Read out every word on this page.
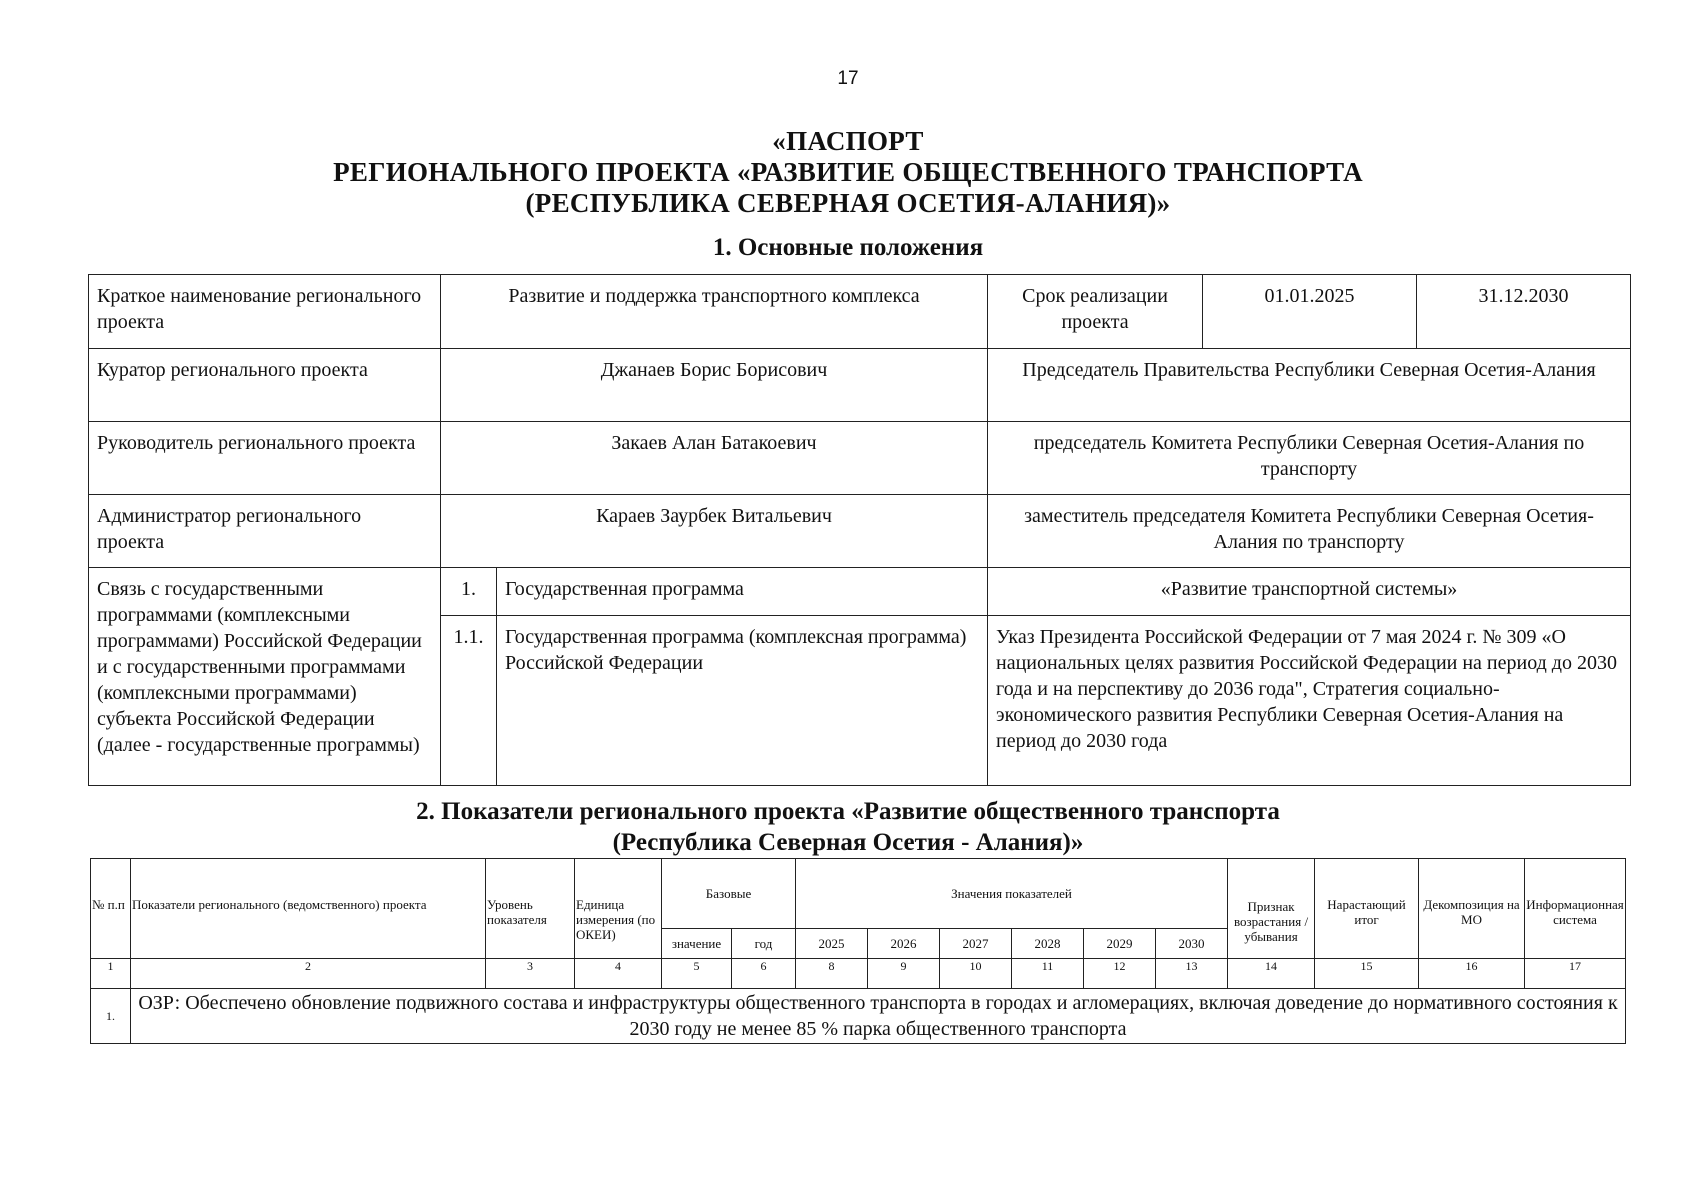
17
«ПАСПОРТ
РЕГИОНАЛЬНОГО ПРОЕКТА «РАЗВИТИЕ ОБЩЕСТВЕННОГО ТРАНСПОРТА
(РЕСПУБЛИКА СЕВЕРНАЯ ОСЕТИЯ-АЛАНИЯ)»
1. Основные положения
Краткое наименование регионального проекта	Развитие и поддержка транспортного комплекса		Срок реализации проекта	01.01.2025	31.12.2030
Куратор регионального проекта	Джанаев Борис Борисович		Председатель Правительства Республики Северная Осетия-Алания		
Руководитель регионального проекта	Закаев Алан Батакоевич		председатель Комитета Республики Северная Осетия-Алания по транспорту		
Администратор регионального проекта	Караев Заурбек Витальевич		заместитель председателя Комитета Республики Северная Осетия-Алания по транспорту		
Связь с государственными программами (комплексными программами) Российской Федерации и с государственными программами (комплексными программами) субъекта Российской Федерации (далее - государственные программы)	1.	Государственная программа	«Развитие транспортной системы»		
	1.1.	Государственная программа (комплексная программа) Российской Федерации	Указ Президента Российской Федерации от 7 мая 2024 г. № 309 «О национальных целях развития Российской Федерации на период до 2030 года и на перспективу до 2036 года", Стратегия социально-экономического развития Республики Северная Осетия-Алания на период до 2030 года		
2. Показатели регионального проекта «Развитие общественного транспорта
(Республика Северная Осетия - Алания)»
№ п.п	Показатели регионального (ведомственного) проекта	Уровень показателя	Единица измерения (по ОКЕИ)	Базовые		Значения показателей						Признак возрастания / убывания	Нарастающий итог	Декомпозиция на МО	Информационная система
				значение	год	2025	2026	2027	2028	2029	2030				
1	2	3	4	5	6	8	9	10	11	12	13	14	15	16	17
1.	ОЗР: Обеспечено обновление подвижного состава и инфраструктуры общественного транспорта в городах и агломерациях, включая доведение до нормативного состояния к 2030 году не менее 85 % парка общественного транспорта														
